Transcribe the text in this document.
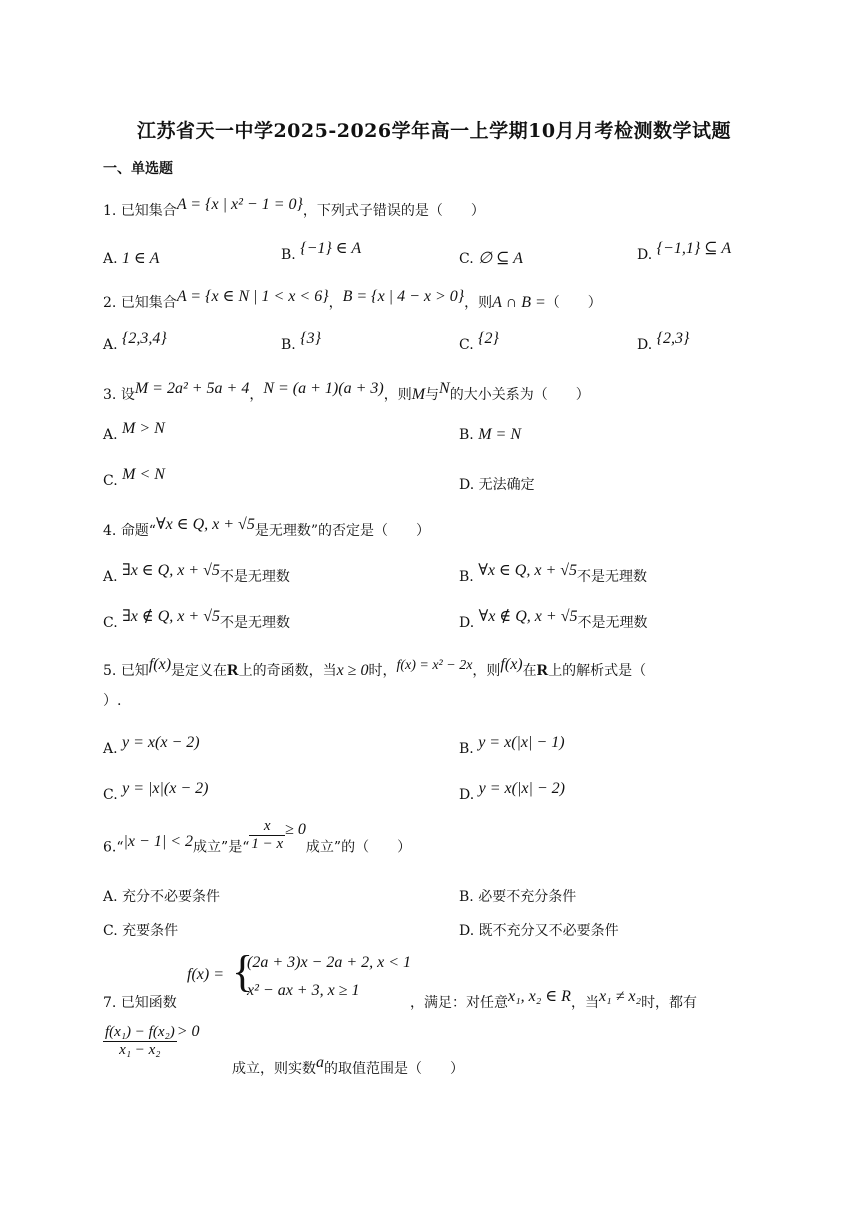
江苏省天一中学2025-2026学年高一上学期10月月考检测数学试题
一、单选题
1. 已知集合A = {x | x² − 1 = 0}，下列式子错误的是（　　）
A. 1 ∈ A	B. {−1} ∈ A
C. ∅ ⊆ A	D. {−1,1} ⊆ A
2. 已知集合A = {x ∈ N | 1 < x < 6}，B = {x | 4 − x > 0}，则A ∩ B =（　　）
A. {2,3,4}	B. {3}	C. {2}	D. {2,3}
3. 设M = 2a² + 5a + 4，N = (a + 1)(a + 3)，则M与N的大小关系为（　　）
A. M > N	B. M = N
C. M < N
D. 无法确定
4. 命题“∀x ∈ Q, x + √5是无理数”的否定是（　　）
A. ∃x ∈ Q, x + √5不是无理数	B. ∀x ∈ Q, x + √5不是无理数
C. ∃x ∉ Q, x + √5不是无理数	D. ∀x ∉ Q, x + √5不是无理数
5. 已知f(x)是定义在R上的奇函数，当x ≥ 0时，f(x) = x² − 2x，则f(x)在R上的解析式是（
）.
A. y = x(x − 2)	B. y = x(|x| − 1)
C. y = |x|(x − 2)	D. y = x(|x| − 2)
6.“|x − 1| < 2成立”是“ $\frac{x}{1 - x} \ge 0$成立”的（　　）
A. 充分不必要条件	B. 必要不充分条件
C. 充要条件	D. 既不充分又不必要条件
7. 已知函数
f(x) = {
(2a + 3)x − 2a + 2, x < 1
x² − ax + 3, x ≥ 1
，满足：对任意x₁, x₂ ∈ R，当x₁ ≠ x₂时，都有
$\frac{\text{f(x₁) − f(x₂)}}{\text{x₁ − x₂}} > 0$
成立，则实数a的取值范围是（　　）
